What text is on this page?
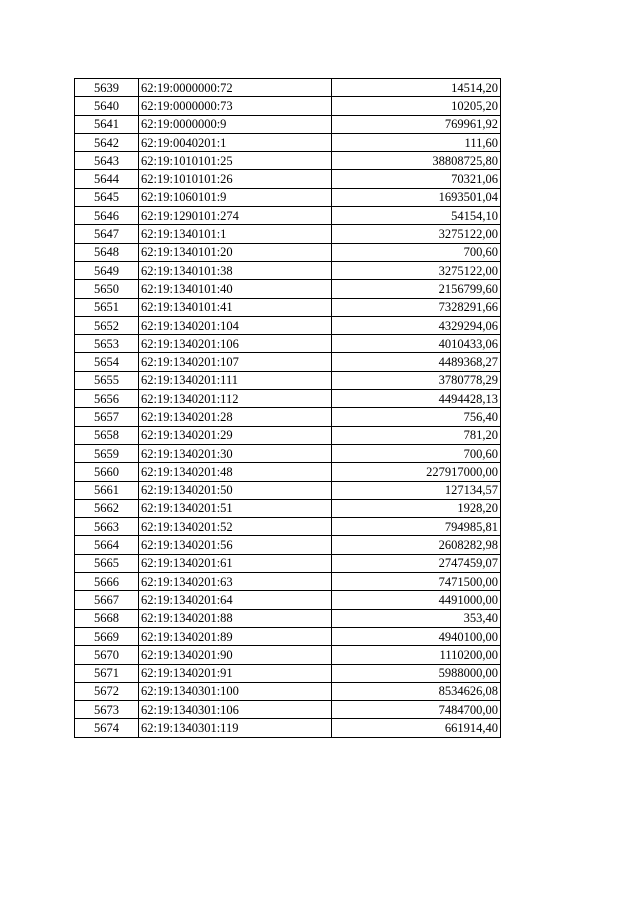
5639	62:19:0000000:72	14514,20
5640	62:19:0000000:73	10205,20
5641	62:19:0000000:9	769961,92
5642	62:19:0040201:1	111,60
5643	62:19:1010101:25	38808725,80
5644	62:19:1010101:26	70321,06
5645	62:19:1060101:9	1693501,04
5646	62:19:1290101:274	54154,10
5647	62:19:1340101:1	3275122,00
5648	62:19:1340101:20	700,60
5649	62:19:1340101:38	3275122,00
5650	62:19:1340101:40	2156799,60
5651	62:19:1340101:41	7328291,66
5652	62:19:1340201:104	4329294,06
5653	62:19:1340201:106	4010433,06
5654	62:19:1340201:107	4489368,27
5655	62:19:1340201:111	3780778,29
5656	62:19:1340201:112	4494428,13
5657	62:19:1340201:28	756,40
5658	62:19:1340201:29	781,20
5659	62:19:1340201:30	700,60
5660	62:19:1340201:48	227917000,00
5661	62:19:1340201:50	127134,57
5662	62:19:1340201:51	1928,20
5663	62:19:1340201:52	794985,81
5664	62:19:1340201:56	2608282,98
5665	62:19:1340201:61	2747459,07
5666	62:19:1340201:63	7471500,00
5667	62:19:1340201:64	4491000,00
5668	62:19:1340201:88	353,40
5669	62:19:1340201:89	4940100,00
5670	62:19:1340201:90	1110200,00
5671	62:19:1340201:91	5988000,00
5672	62:19:1340301:100	8534626,08
5673	62:19:1340301:106	7484700,00
5674	62:19:1340301:119	661914,40
